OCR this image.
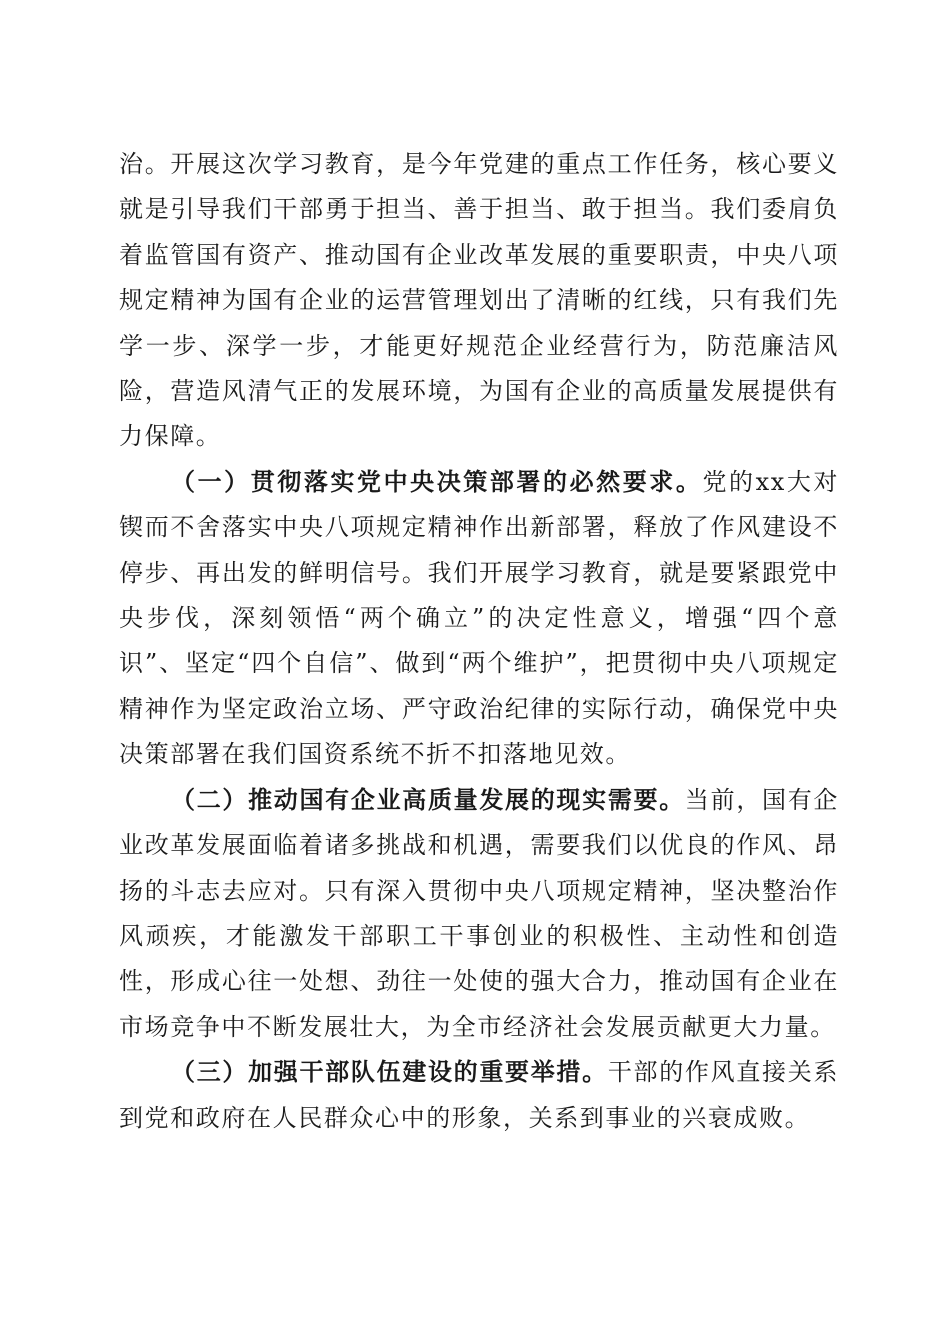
治。开展这次学习教育，是今年党建的重点工作任务，核心要义就是引导我们干部勇于担当、善于担当、敢于担当。我们委肩负着监管国有资产、推动国有企业改革发展的重要职责，中央八项规定精神为国有企业的运营管理划出了清晰的红线，只有我们先学一步、深学一步，才能更好规范企业经营行为，防范廉洁风险，营造风清气正的发展环境，为国有企业的高质量发展提供有力保障。

（一）贯彻落实党中央决策部署的必然要求。党的xx大对锲而不舍落实中央八项规定精神作出新部署，释放了作风建设不停步、再出发的鲜明信号。我们开展学习教育，就是要紧跟党中央步伐，深刻领悟“两个确立”的决定性意义，增强“四个意识”、坚定“四个自信”、做到“两个维护”，把贯彻中央八项规定精神作为坚定政治立场、严守政治纪律的实际行动，确保党中央决策部署在我们国资系统不折不扣落地见效。

（二）推动国有企业高质量发展的现实需要。当前，国有企业改革发展面临着诸多挑战和机遇，需要我们以优良的作风、昂扬的斗志去应对。只有深入贯彻中央八项规定精神，坚决整治作风顽疾，才能激发干部职工干事创业的积极性、主动性和创造性，形成心往一处想、劲往一处使的强大合力，推动国有企业在市场竞争中不断发展壮大，为全市经济社会发展贡献更大力量。

（三）加强干部队伍建设的重要举措。干部的作风直接关系到党和政府在人民群众心中的形象，关系到事业的兴衰成败。
